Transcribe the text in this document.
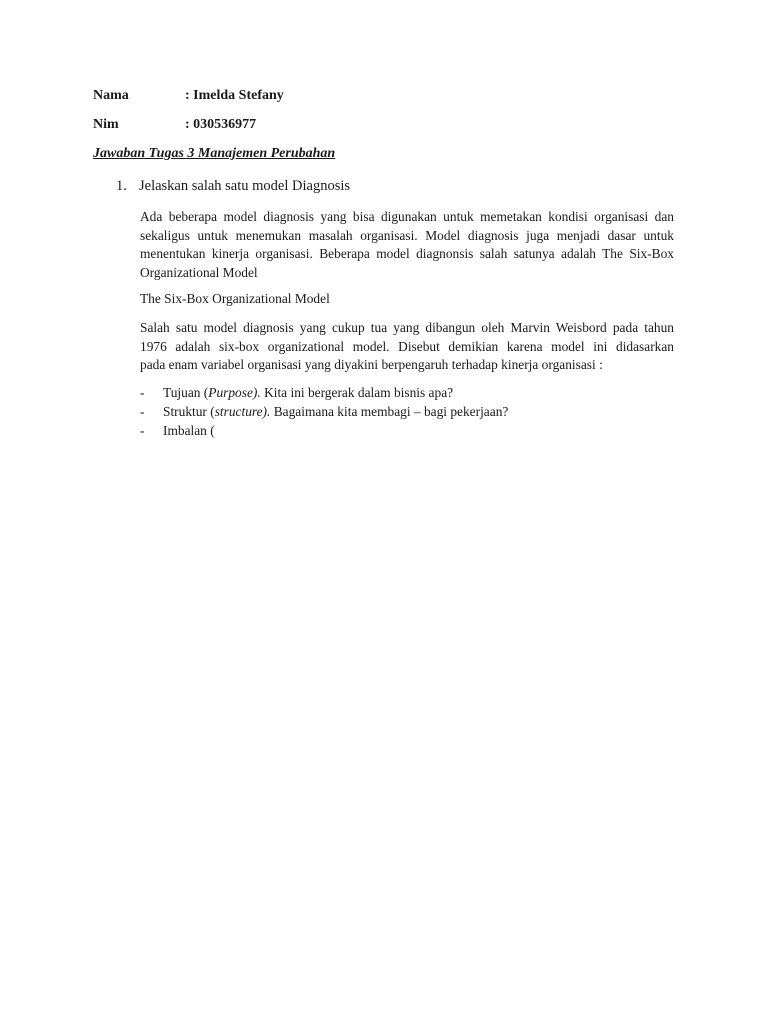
Nama	: Imelda Stefany
Nim	: 030536977
Jawaban Tugas 3 Manajemen Perubahan
1. Jelaskan salah satu model Diagnosis
Ada beberapa model diagnosis yang bisa digunakan untuk memetakan kondisi organisasi dan
sekaligus untuk menemukan masalah organisasi. Model diagnosis juga menjadi dasar untuk
menentukan kinerja organisasi. Beberapa model diagnonsis salah satunya adalah The Six-Box
Organizational Model
The Six-Box Organizational Model
Salah satu model diagnosis yang cukup tua yang dibangun oleh Marvin Weisbord pada tahun
1976 adalah six-box organizational model. Disebut demikian karena model ini didasarkan
pada enam variabel organisasi yang diyakini berpengaruh terhadap kinerja organisasi :
- Tujuan (Purpose). Kita ini bergerak dalam bisnis apa?
- Struktur (structure). Bagaimana kita membagi – bagi pekerjaan?
- Imbalan (
